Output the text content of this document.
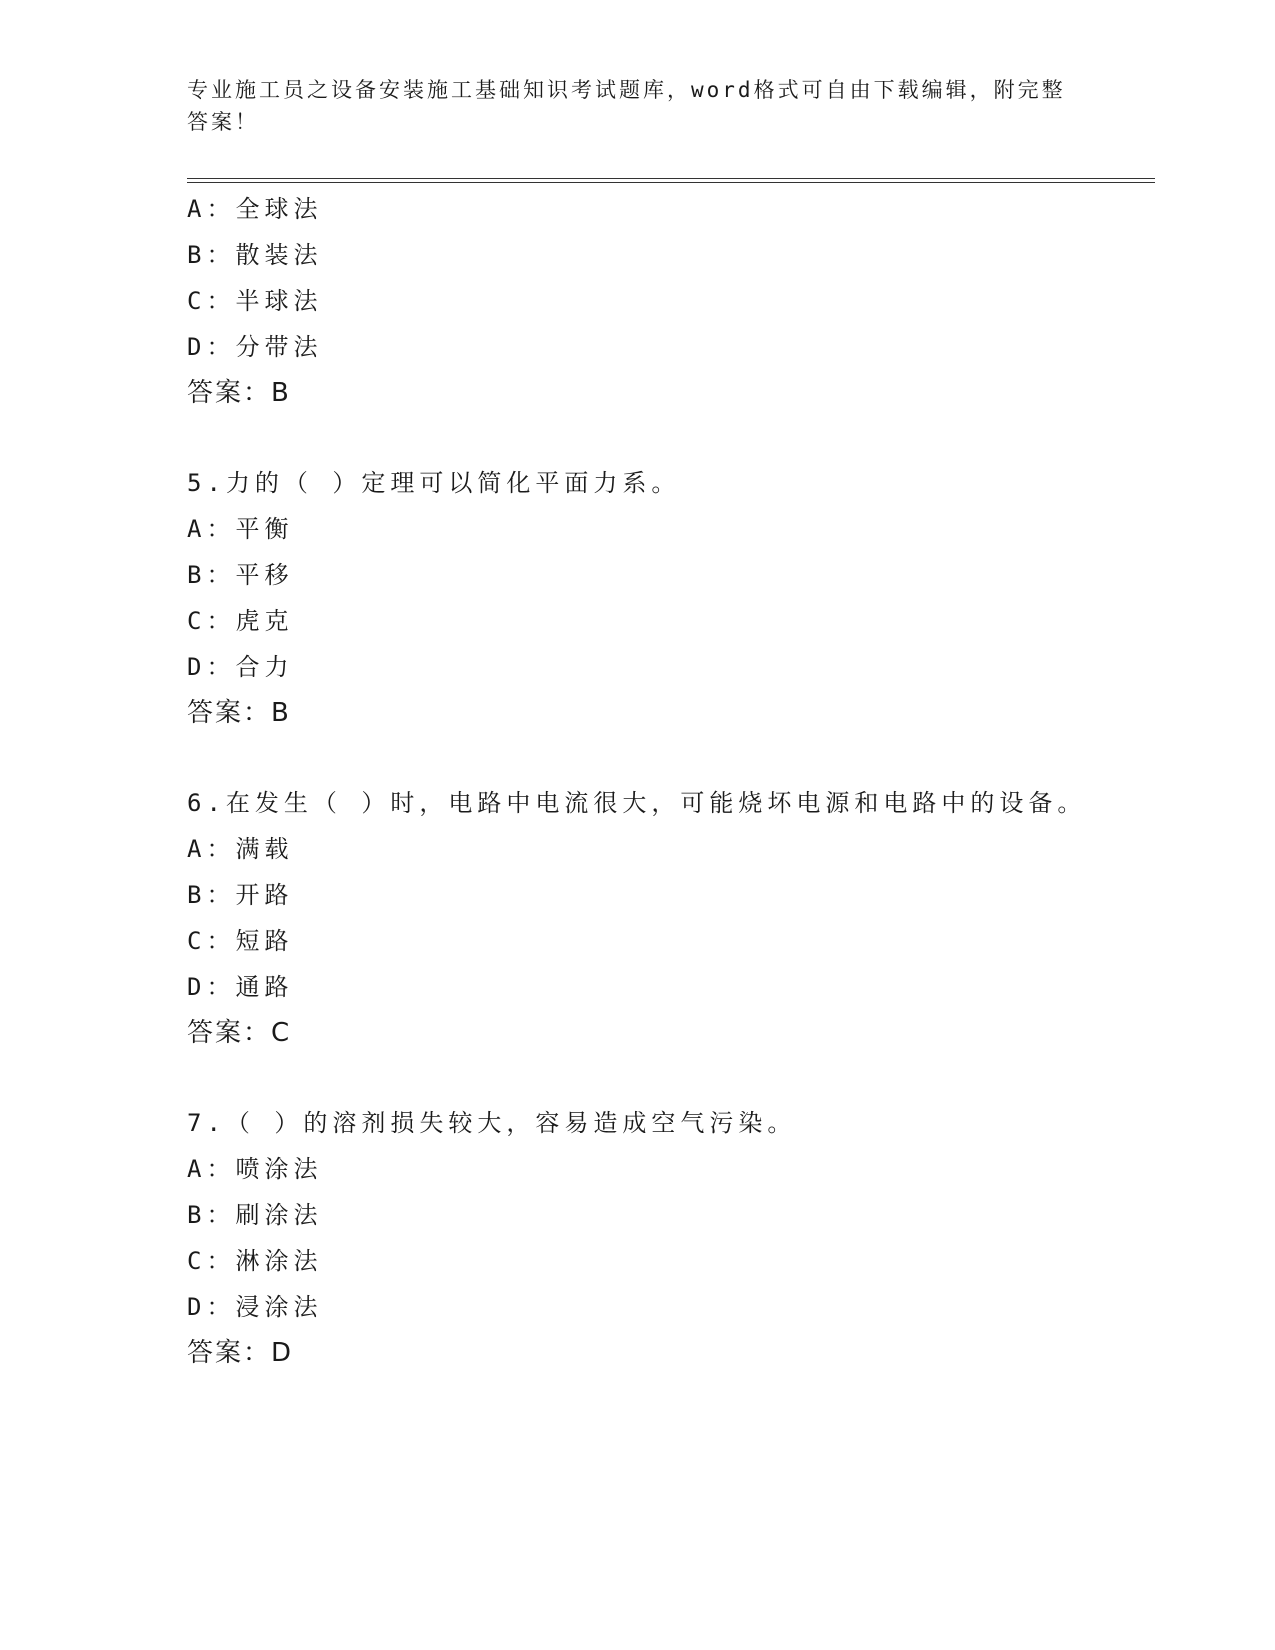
专业施工员之设备安装施工基础知识考试题库，word格式可自由下载编辑，附完整答案！
A：全球法
B：散装法
C：半球法
D：分带法
答案：B
5.力的（ ）定理可以简化平面力系。
A：平衡
B：平移
C：虎克
D：合力
答案：B
6.在发生（ ）时，电路中电流很大，可能烧坏电源和电路中的设备。
A：满载
B：开路
C：短路
D：通路
答案：C
7.（ ）的溶剂损失较大，容易造成空气污染。
A：喷涂法
B：刷涂法
C：淋涂法
D：浸涂法
答案：D
